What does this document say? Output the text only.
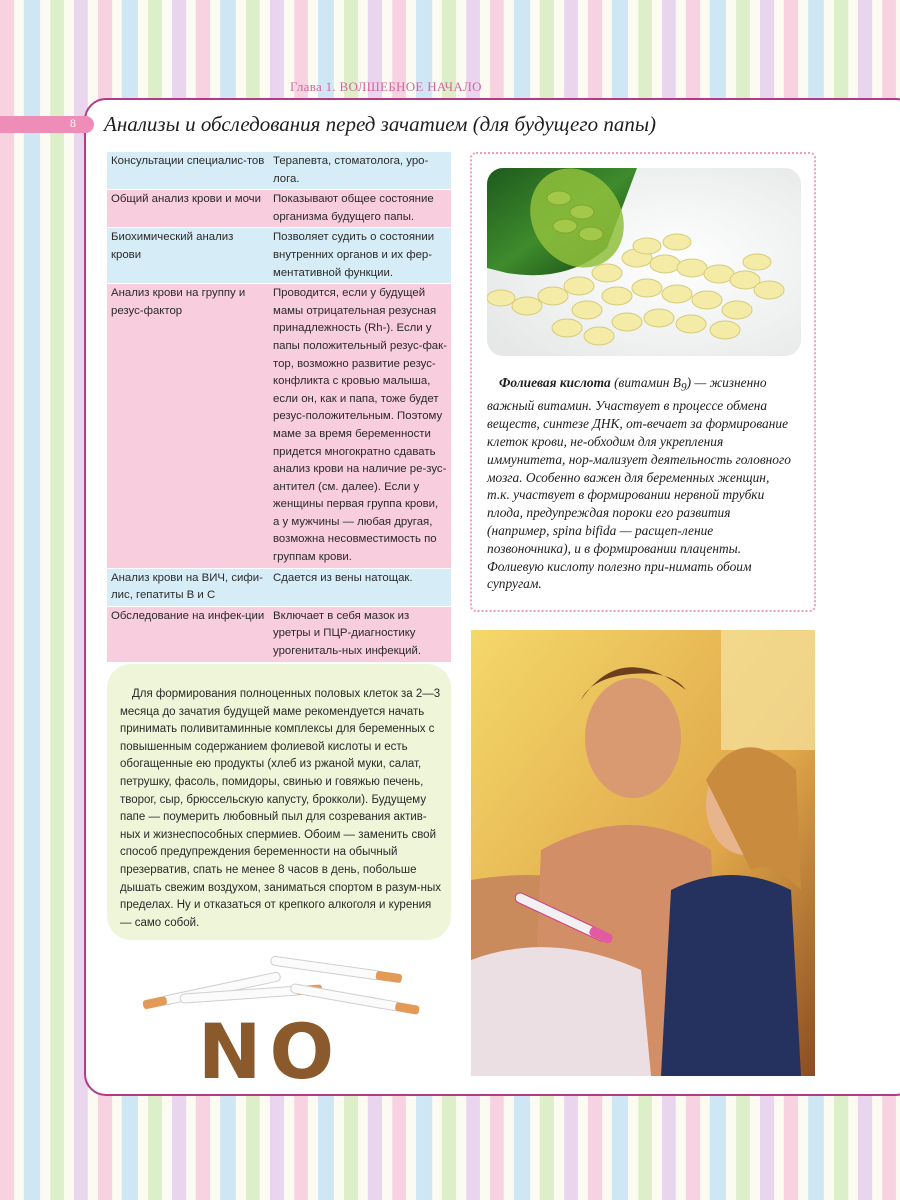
Глава 1. ВОЛШЕБНОЕ НАЧАЛО
8 Анализы и обследования перед зачатием (для будущего папы)
Консультации специалис-тов	Терапевта, стоматолога, уро-лога.
Общий анализ крови и мочи	Показывают общее состояние организма будущего папы.
Биохимический анализ крови	Позволяет судить о состоянии внутренних органов и их фер-ментативной функции.
Анализ крови на группу и резус-фактор	Проводится, если у будущей мамы отрицательная резусная принадлежность (Rh-). Если у папы положительный резус-фак-тор, возможно развитие резус-конфликта с кровью малыша, если он, как и папа, тоже будет резус-положительным. Поэтому маме за время беременности придется многократно сдавать анализ крови на наличие ре-зус-антител (см. далее). Если у женщины первая группа крови, а у мужчины — любая другая, возможна несовместимость по группам крови.
Анализ крови на ВИЧ, сифи-лис, гепатиты В и С	Сдается из вены натощак.
Обследование на инфек-ции	Включает в себя мазок из уретры и ПЦР-диагностику урогениталь-ных инфекций.

Фолиевая кислота (витамин $В_9$) — жизненно важный витамин. Участвует в процессе обмена веществ, синтезе ДНК, от-вечает за формирование клеток крови, не-обходим для укрепления иммунитета, нор-мализует деятельность головного мозга. Особенно важен для беременных женщин, т.к. участвует в формировании нервной трубки плода, предупреждая пороки его развития (например, spina bifida — расщеп-ление позвоночника), и в формировании плаценты. Фолиевую кислоту полезно при-нимать обоим супругам.

Для формирования полноценных половых клеток за 2—3 месяца до зачатия будущей маме рекомендуется начать принимать поливитаминные комплексы для беременных с повышенным содержанием фолиевой кислоты и есть обогащенные ею продукты (хлеб из ржаной муки, салат, петрушку, фасоль, помидоры, свинью и говяжью печень, творог, сыр, брюссельскую капусту, брокколи). Будущему папе — поумерить любовный пыл для созревания актив-ных и жизнеспособных спермиев. Обоим — заменить свой способ предупреждения беременности на обычный презерватив, спать не менее 8 часов в день, побольше дышать свежим воздухом, заниматься спортом в разум-ных пределах. Ну и отказаться от крепкого алкоголя и курения — само собой.

NO
